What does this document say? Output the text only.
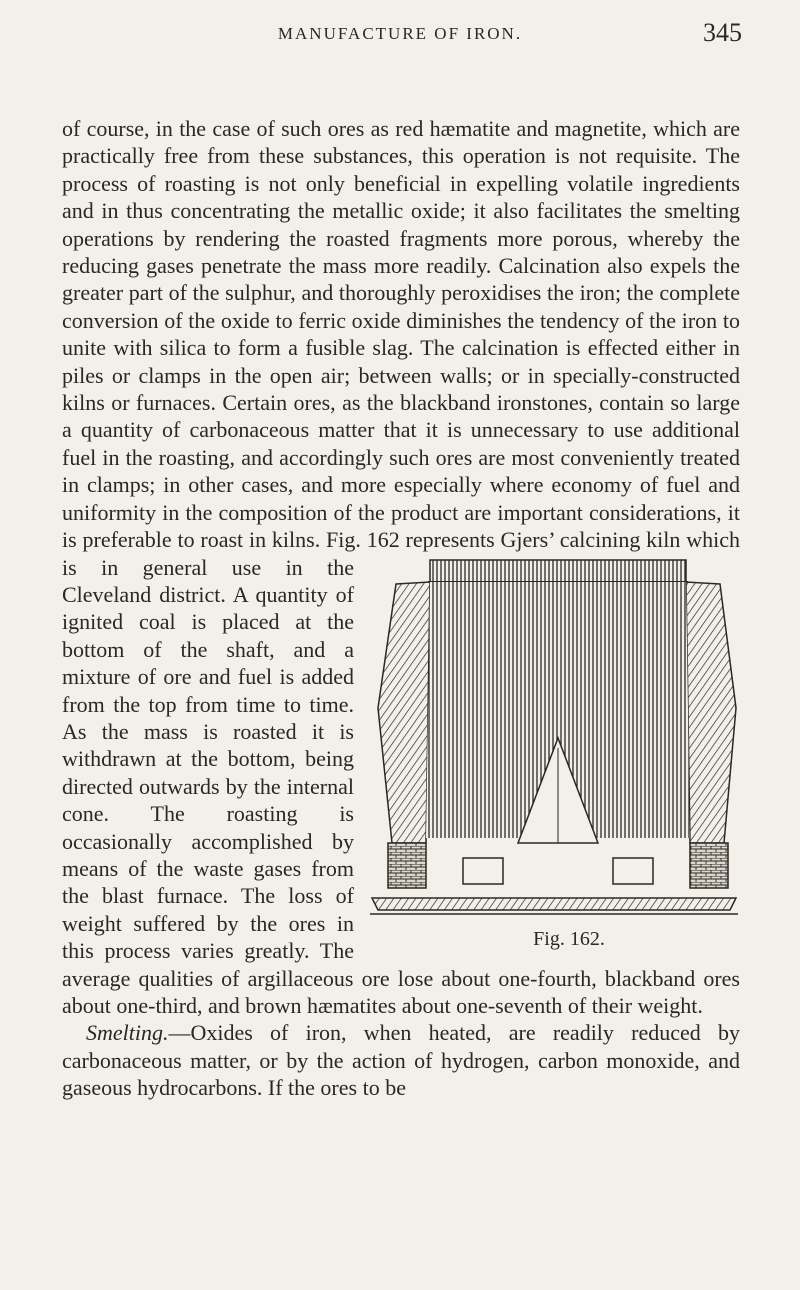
MANUFACTURE OF IRON.	345

of course, in the case of such ores as red hæmatite and magnetite, which are practically free from these substances, this operation is not requisite. The process of roasting is not only beneficial in expelling volatile ingredients and in thus concentrating the metallic oxide; it also facilitates the smelting operations by rendering the roasted fragments more porous, whereby the reducing gases penetrate the mass more readily. Calcination also expels the greater part of the sulphur, and thoroughly peroxidises the iron; the complete conversion of the oxide to ferric oxide diminishes the tendency of the iron to unite with silica to form a fusible slag. The calcination is effected either in piles or clamps in the open air; between walls; or in specially-constructed kilns or furnaces. Certain ores, as the blackband ironstones, contain so large a quantity of carbonaceous matter that it is unnecessary to use additional fuel in the roasting, and accordingly such ores are most conveniently treated in clamps; in other cases, and more especially where economy of fuel and uniformity in the composition of the product are important considerations, it is preferable to roast in kilns. Fig. 162 represents Gjers’
Fig. 162.
calcining kiln which is in general use in the Cleveland district. A quantity of ignited coal is placed at the bottom of the shaft, and a mixture of ore and fuel is added from the top from time to time. As the mass is roasted it is withdrawn at the bottom, being directed outwards by the internal cone. The roasting is occasionally accomplished by means of the waste gases from the blast furnace. The loss of weight suffered by the ores in this process varies greatly. The average qualities of argillaceous ore lose about one-fourth, blackband ores about one-third, and brown hæmatites about one-seventh of their weight.

Smelting.—Oxides of iron, when heated, are readily reduced by carbonaceous matter, or by the action of hydrogen, carbon monoxide, and gaseous hydrocarbons. If the ores to be
